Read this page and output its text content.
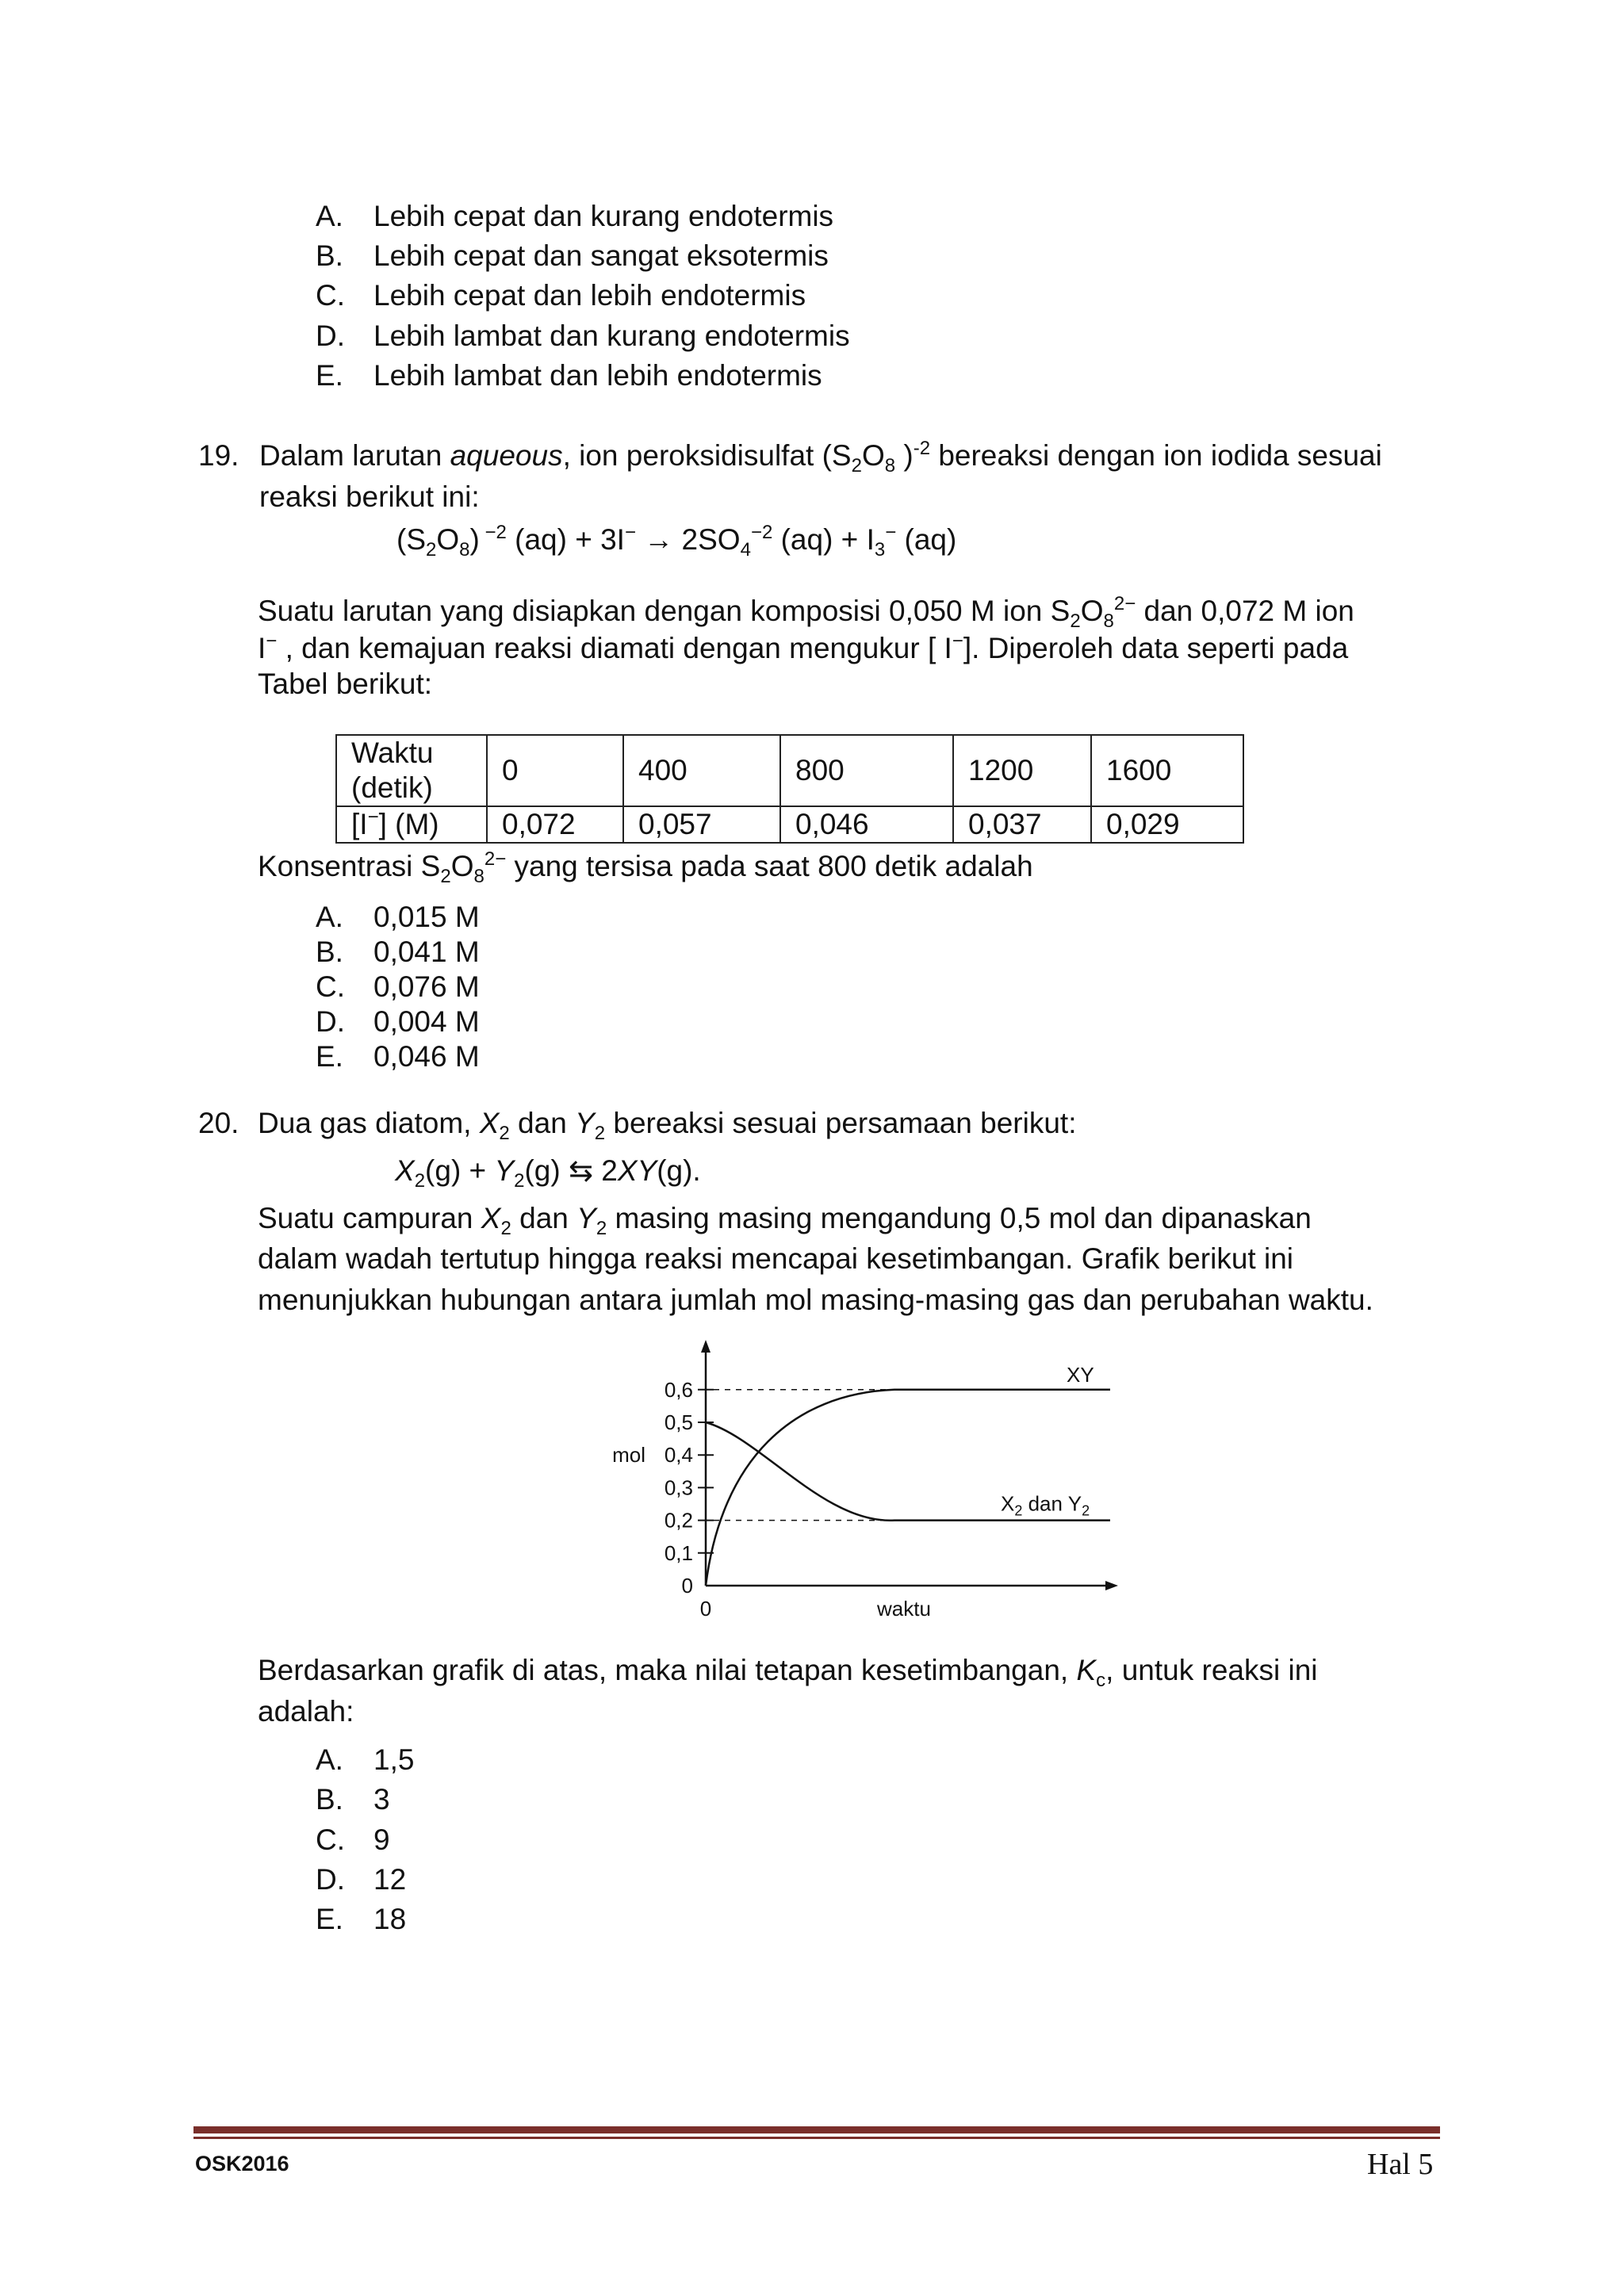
A. Lebih cepat dan kurang endotermis
B. Lebih cepat dan sangat eksotermis
C. Lebih cepat dan lebih endotermis
D. Lebih lambat dan kurang endotermis
E. Lebih lambat dan lebih endotermis
19. Dalam larutan aqueous, ion peroksidisulfat ($S_2O_8$ )$^{-2}$ bereaksi dengan ion iodida sesuai
reaksi berikut ini:
$(S_2O_8)$ $^{-2}$ $(aq) + 3I^- \to 2SO_4^{-2}$ $(aq) + I_3^-$ (aq)
Suatu larutan yang disiapkan dengan komposisi 0,050 M ion $S_2O_8^{2-}$ dan 0,072 M ion
I− , dan kemajuan reaksi diamati dengan mengukur [ I−]. Diperoleh data seperti pada
Tabel berikut:
Waktu (detik)	0	400	800	1200	1600
[I−] (M)	0,072	0,057	0,046	0,037	0,029
Konsentrasi $S_2O_8^{2-}$ yang tersisa pada saat 800 detik adalah
A. 0,015 M
B. 0,041 M
C. 0,076 M
D. 0,004 M
E. 0,046 M
20. Dua gas diatom, $X_2$ dan $Y_2$ bereaksi sesuai persamaan berikut:
$X_2(g) + Y_2(g)$ ⇆ 2XY(g).
Suatu campuran $X_2$ dan $Y_2$ masing masing mengandung 0,5 mol dan dipanaskan
dalam wadah tertutup hingga reaksi mencapai kesetimbangan. Grafik berikut ini
menunjukkan hubungan antara jumlah mol masing-masing gas dan perubahan waktu.
0
0,1
0,2
0,3
0,4
0,5
0,6
mol
0	waktu
XY
$X_2$ dan $Y_2$
Berdasarkan grafik di atas, maka nilai tetapan kesetimbangan, $K_c$, untuk reaksi ini
adalah:
A. 1,5
B. 3
C. 9
D. 12
E. 18
OSK2016	Hal 5
